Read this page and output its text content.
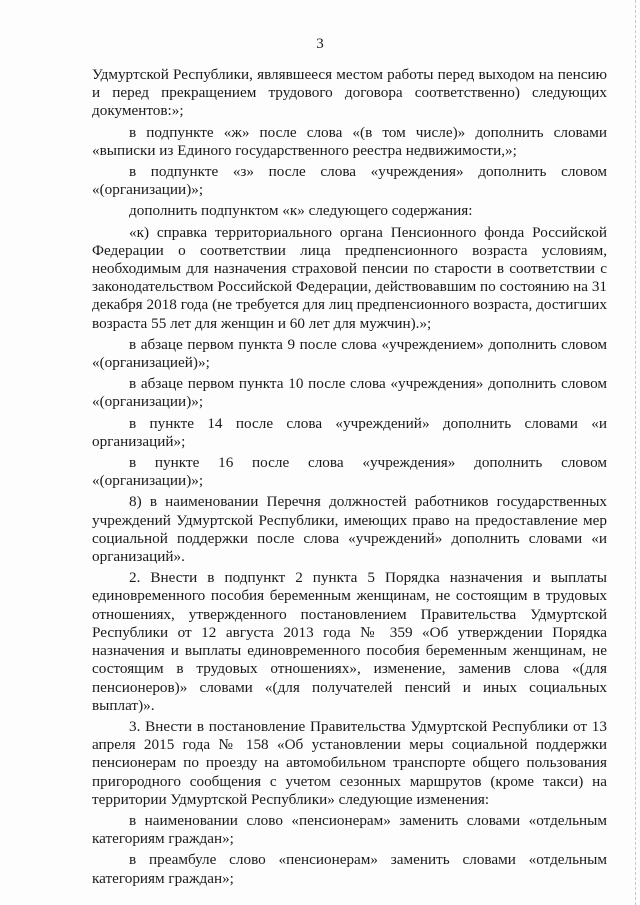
3

Удмуртской Республики, являвшееся местом работы перед выходом на пенсию и перед прекращением трудового договора соответственно) следующих документов:»;

в подпункте «ж» после слова «(в том числе)» дополнить словами «выписки из Единого государственного реестра недвижимости,»;

в подпункте «з» после слова «учреждения» дополнить словом «(организации)»;

дополнить подпунктом «к» следующего содержания:

«к) справка территориального органа Пенсионного фонда Российской Федерации о соответствии лица предпенсионного возраста условиям, необходимым для назначения страховой пенсии по старости в соответствии с законодательством Российской Федерации, действовавшим по состоянию на 31 декабря 2018 года (не требуется для лиц предпенсионного возраста, достигших возраста 55 лет для женщин и 60 лет для мужчин).»;

в абзаце первом пункта 9 после слова «учреждением» дополнить словом «(организацией)»;

в абзаце первом пункта 10 после слова «учреждения» дополнить словом «(организации)»;

в пункте 14 после слова «учреждений» дополнить словами «и организаций»;

в пункте 16 после слова «учреждения» дополнить словом «(организации)»;

8) в наименовании Перечня должностей работников государственных учреждений Удмуртской Республики, имеющих право на предоставление мер социальной поддержки после слова «учреждений» дополнить словами «и организаций».

2. Внести в подпункт 2 пункта 5 Порядка назначения и выплаты единовременного пособия беременным женщинам, не состоящим в трудовых отношениях, утвержденного постановлением Правительства Удмуртской Республики от 12 августа 2013 года № 359 «Об утверждении Порядка назначения и выплаты единовременного пособия беременным женщинам, не состоящим в трудовых отношениях», изменение, заменив слова «(для пенсионеров)» словами «(для получателей пенсий и иных социальных выплат)».

3. Внести в постановление Правительства Удмуртской Республики от 13 апреля 2015 года № 158 «Об установлении меры социальной поддержки пенсионерам по проезду на автомобильном транспорте общего пользования пригородного сообщения с учетом сезонных маршрутов (кроме такси) на территории Удмуртской Республики» следующие изменения:

в наименовании слово «пенсионерам» заменить словами «отдельным категориям граждан»;

в преамбуле слово «пенсионерам» заменить словами «отдельным категориям граждан»;
